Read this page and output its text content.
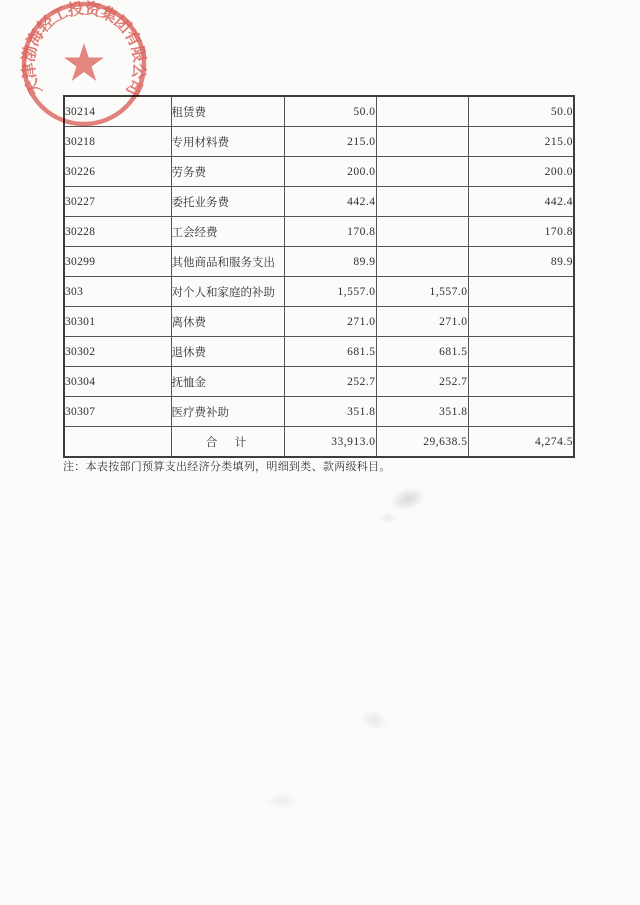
30214	租赁费	50.0		50.0
30218	专用材料费	215.0		215.0
30226	劳务费	200.0		200.0
30227	委托业务费	442.4		442.4
30228	工会经费	170.8		170.8
30299	其他商品和服务支出	89.9		89.9
303	对个人和家庭的补助	1,557.0	1,557.0	
30301	离休费	271.0	271.0	
30302	退休费	681.5	681.5	
30304	抚恤金	252.7	252.7	
30307	医疗费补助	351.8	351.8	
	合　计	33,913.0	29,638.5	4,274.5
注：本表按部门预算支出经济分类填列，明细到类、款两级科目。
天津渤海轻工投资集团有限公司
